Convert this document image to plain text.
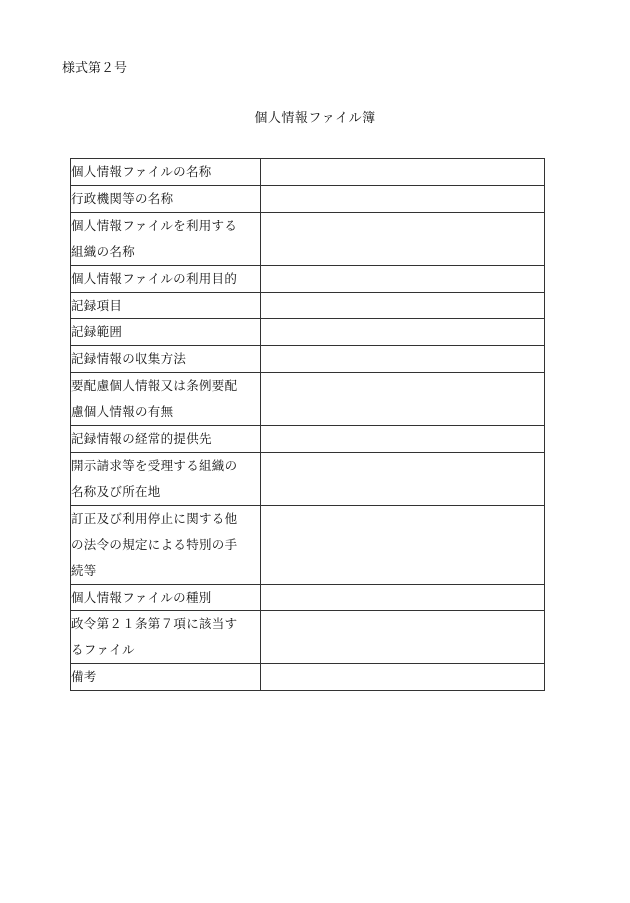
様式第２号
個人情報ファイル簿
個人情報ファイルの名称	

行政機関等の名称	

個人情報ファイルを利用する
組織の名称	

個人情報ファイルの利用目的	

記録項目	

記録範囲	

記録情報の収集方法	

要配慮個人情報又は条例要配
慮個人情報の有無	

記録情報の経常的提供先	

開示請求等を受理する組織の
名称及び所在地	

訂正及び利用停止に関する他
の法令の規定による特別の手
続等	

個人情報ファイルの種別	

政令第２１条第７項に該当す
るファイル	

備考	
